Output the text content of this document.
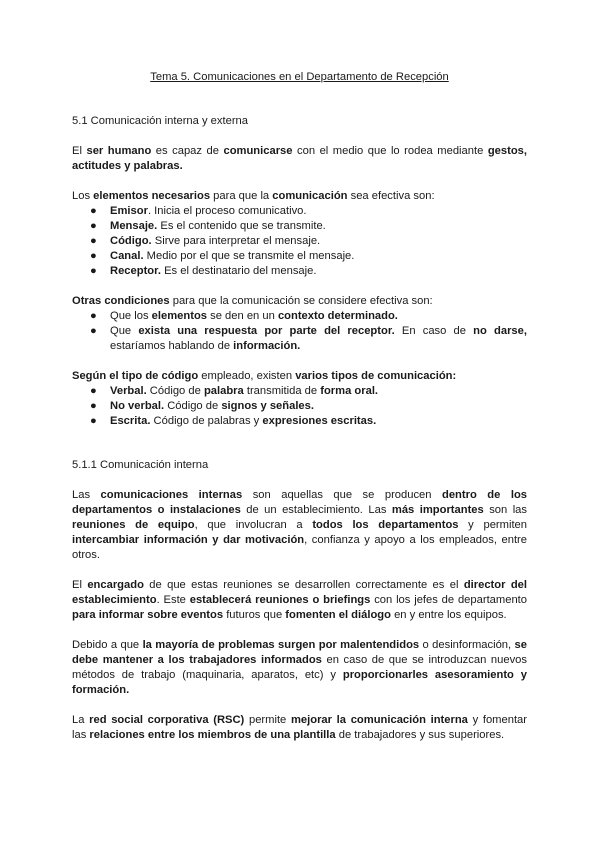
Tema 5. Comunicaciones en el Departamento de Recepción
5.1 Comunicación interna y externa

El ser humano es capaz de comunicarse con el medio que lo rodea mediante gestos, actitudes y palabras.

Los elementos necesarios para que la comunicación sea efectiva son:

● Emisor. Inicia el proceso comunicativo.
● Mensaje. Es el contenido que se transmite.
● Código. Sirve para interpretar el mensaje.
● Canal. Medio por el que se transmite el mensaje.
● Receptor. Es el destinatario del mensaje.

Otras condiciones para que la comunicación se considere efectiva son:

● Que los elementos se den en un contexto determinado.
● Que exista una respuesta por parte del receptor. En caso de no darse, estaríamos hablando de información.

Según el tipo de código empleado, existen varios tipos de comunicación:

● Verbal. Código de palabra transmitida de forma oral.
● No verbal. Código de signos y señales.
● Escrita. Código de palabras y expresiones escritas.
5.1.1 Comunicación interna

Las comunicaciones internas son aquellas que se producen dentro de los departamentos o instalaciones de un establecimiento. Las más importantes son las reuniones de equipo, que involucran a todos los departamentos y permiten intercambiar información y dar motivación, confianza y apoyo a los empleados, entre otros.

El encargado de que estas reuniones se desarrollen correctamente es el director del establecimiento. Este establecerá reuniones o briefings con los jefes de departamento para informar sobre eventos futuros que fomenten el diálogo en y entre los equipos.

Debido a que la mayoría de problemas surgen por malentendidos o desinformación, se debe mantener a los trabajadores informados en caso de que se introduzcan nuevos métodos de trabajo (maquinaria, aparatos, etc) y proporcionarles asesoramiento y formación.

La red social corporativa (RSC) permite mejorar la comunicación interna y fomentar las relaciones entre los miembros de una plantilla de trabajadores y sus superiores.
